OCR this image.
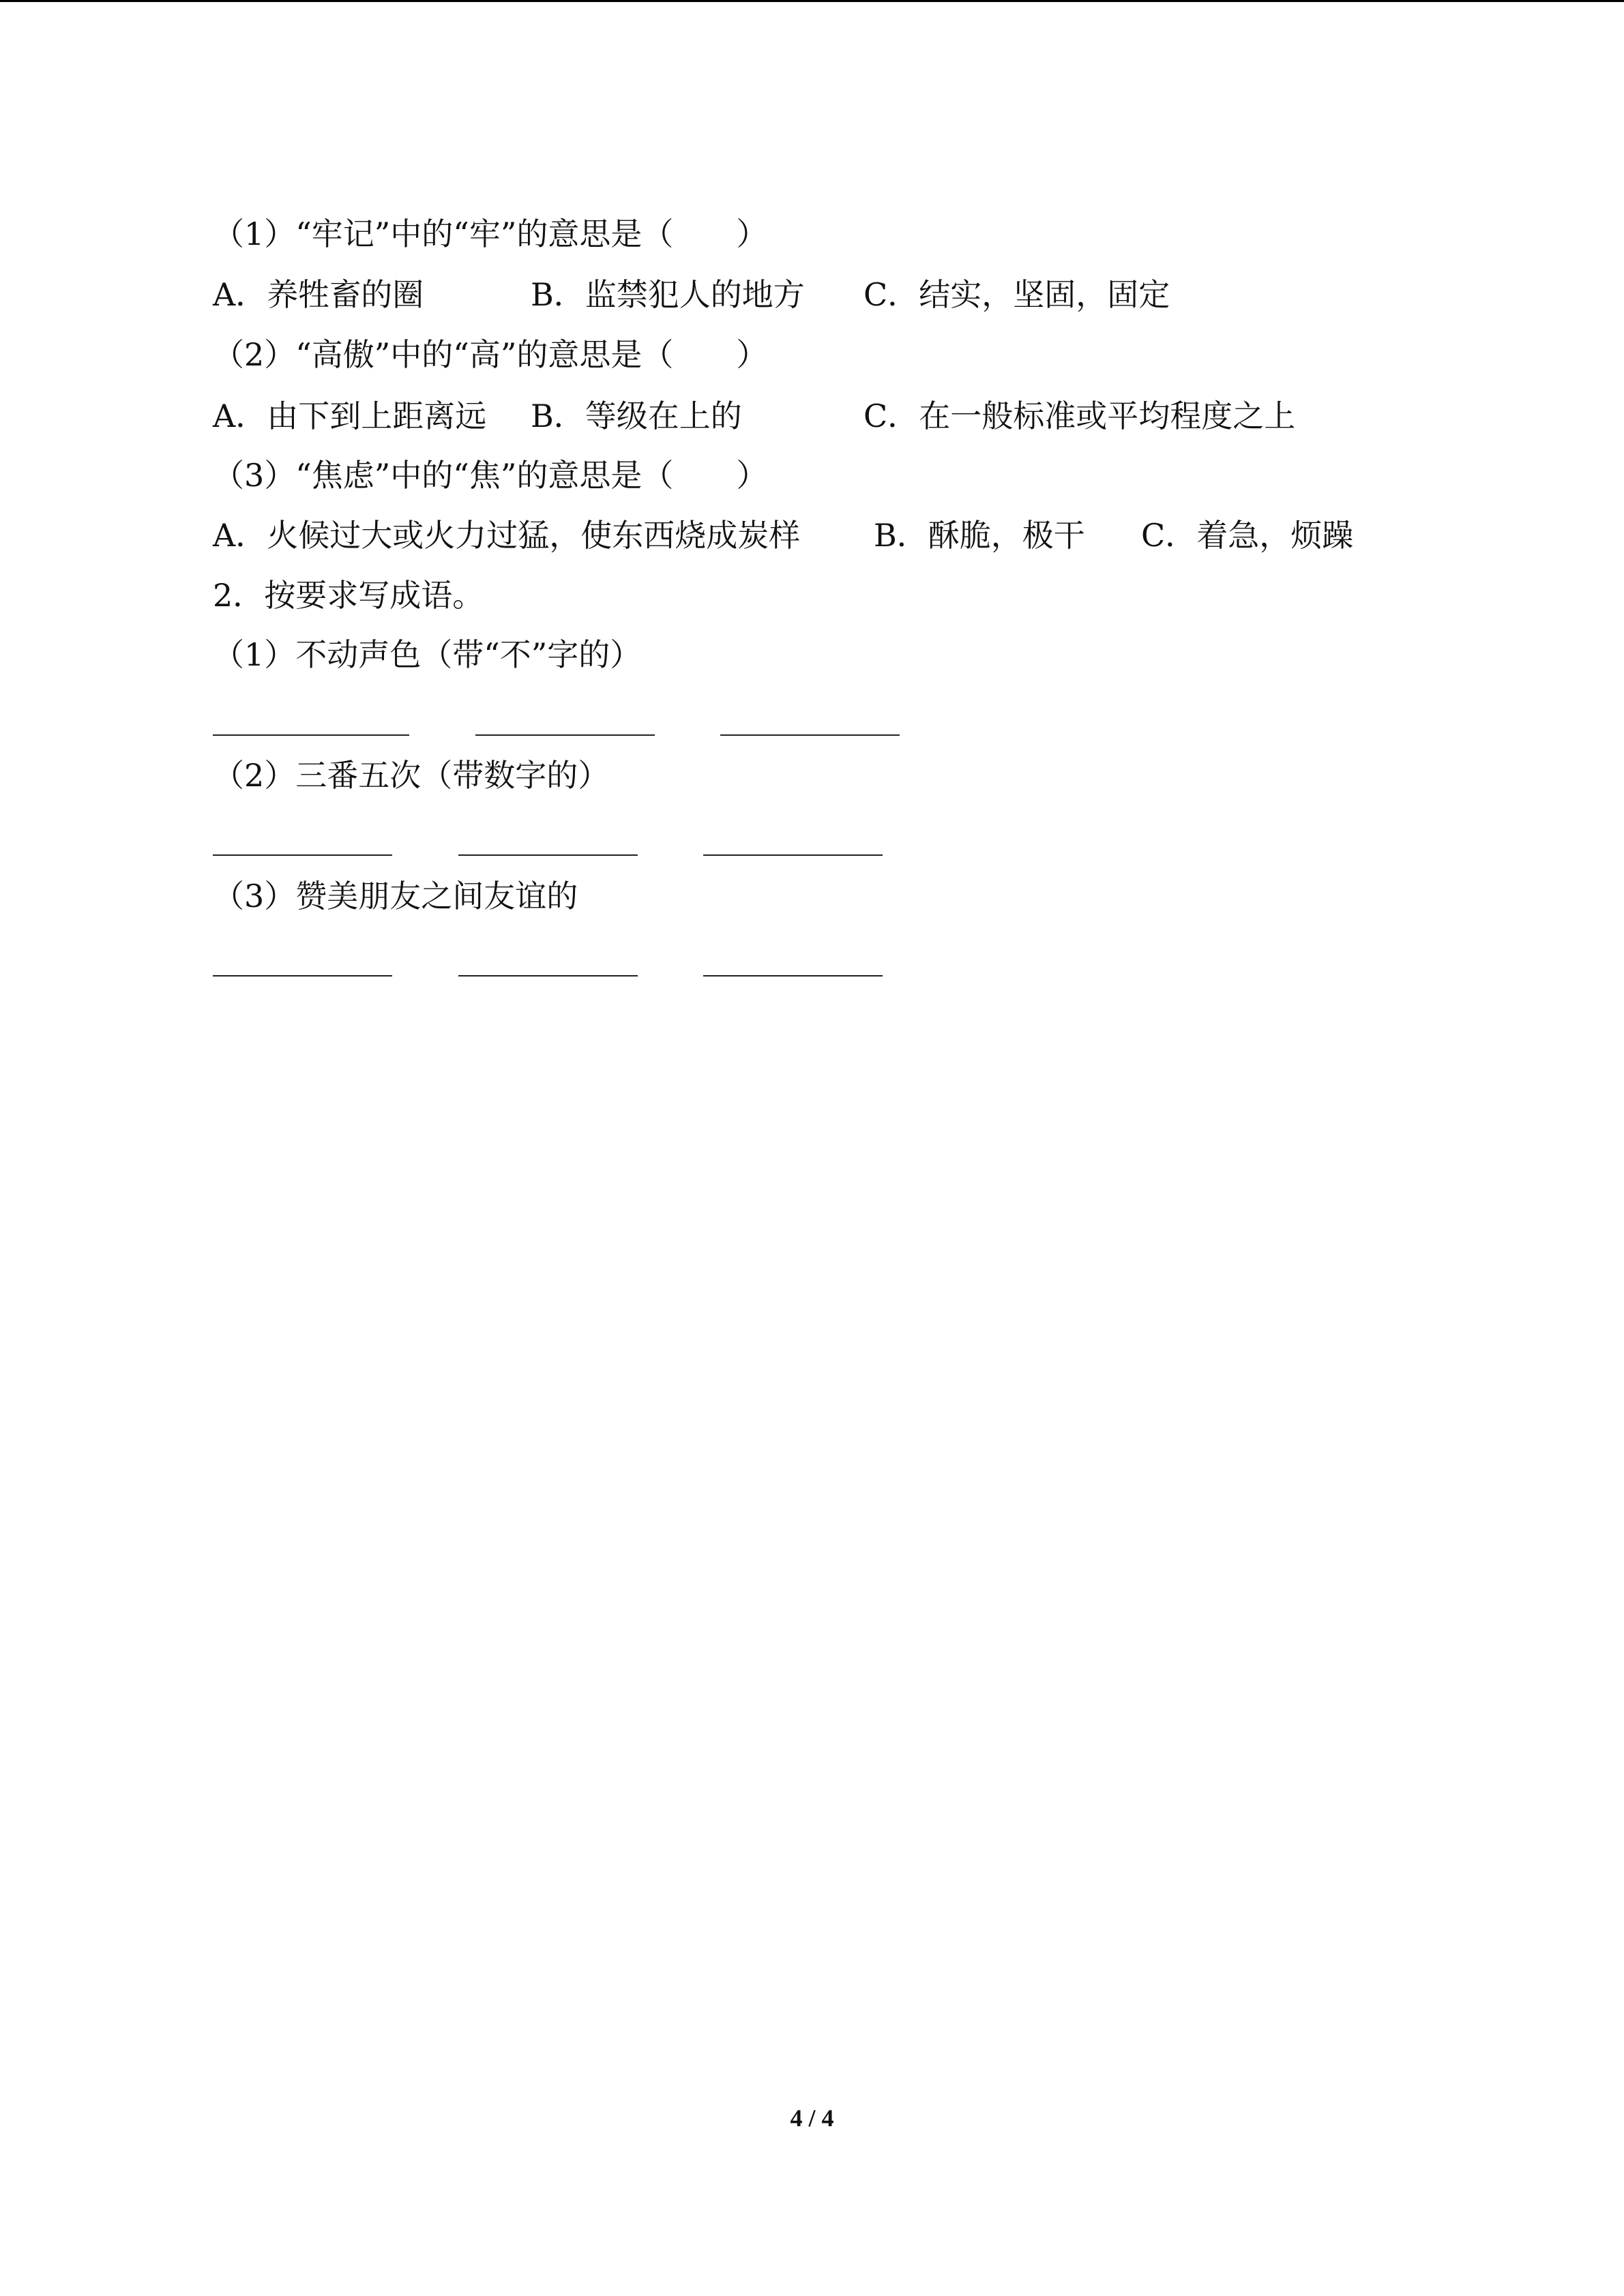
（1）“牢记”中的“牢”的意思是（　　）
A．养牲畜的圈	B．监禁犯人的地方 C．结实，坚固，固定
（2）“高傲”中的“高”的意思是（　　）
A．由下到上距离远 B．等级在上的	C．在一般标准或平均程度之上
（3）“焦虑”中的“焦”的意思是（　　）
A．火候过大或火力过猛，使东西烧成炭样 B．酥脆，极干 C．着急，烦躁
2．按要求写成语。
（1）不动声色（带“不”字的）
（2）三番五次（带数字的）
（3）赞美朋友之间友谊的
4 / 4
